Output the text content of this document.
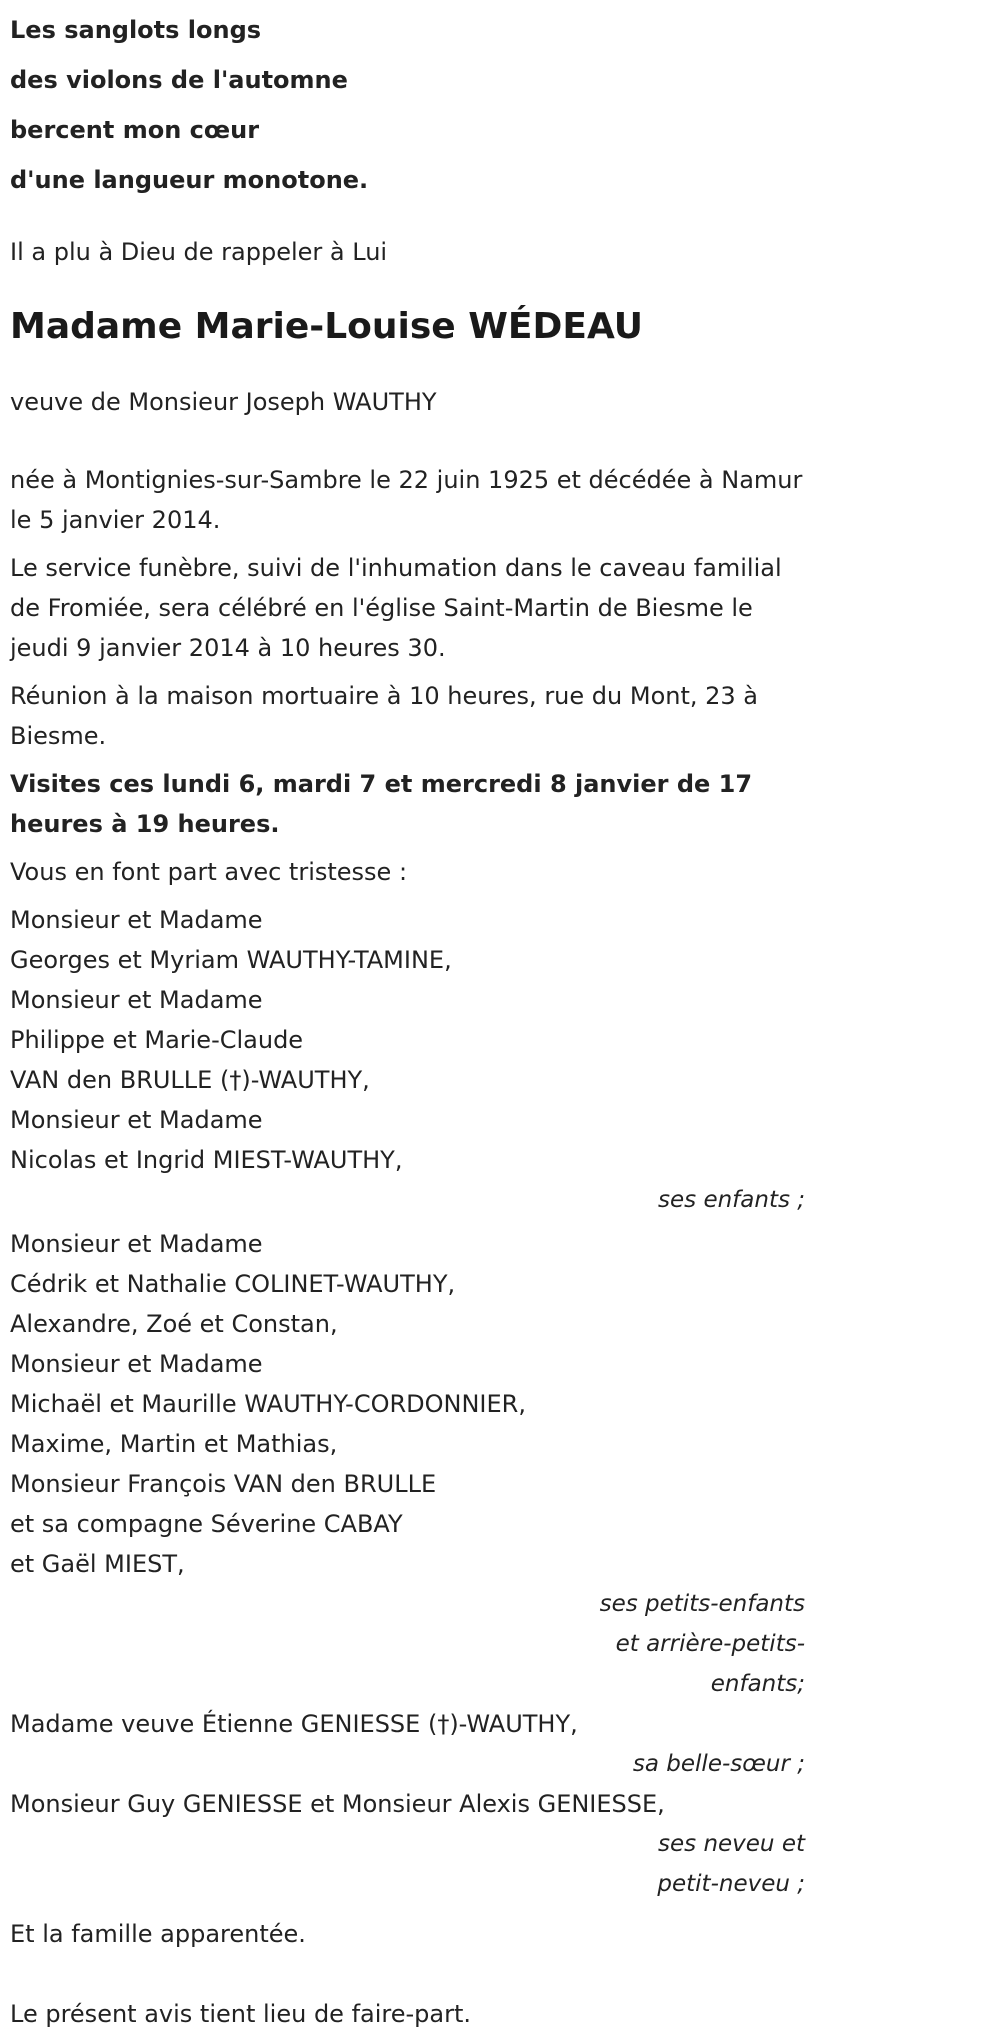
Les sanglots longs
des violons de l'automne
bercent mon cœur
d'une langueur monotone.
Il a plu à Dieu de rappeler à Lui
Madame Marie-Louise WÉDEAU
veuve de Monsieur Joseph WAUTHY
née à Montignies-sur-Sambre le 22 juin 1925 et décédée à Namur le 5 janvier 2014.
Le service funèbre, suivi de l'inhumation dans le caveau familial de Fromiée, sera célébré en l'église Saint-Martin de Biesme le jeudi 9 janvier 2014 à 10 heures 30.
Réunion à la maison mortuaire à 10 heures, rue du Mont, 23 à Biesme.
Visites ces lundi 6, mardi 7 et mercredi 8 janvier de 17 heures à 19 heures.
Vous en font part avec tristesse :
Monsieur et Madame
Georges et Myriam WAUTHY-TAMINE,
Monsieur et Madame
Philippe et Marie-Claude
VAN den BRULLE (†)-WAUTHY,
Monsieur et Madame
Nicolas et Ingrid MIEST-WAUTHY,
ses enfants ;
Monsieur et Madame
Cédrik et Nathalie COLINET-WAUTHY,
Alexandre, Zoé et Constan,
Monsieur et Madame
Michaël et Maurille WAUTHY-CORDONNIER,
Maxime, Martin et Mathias,
Monsieur François VAN den BRULLE
et sa compagne Séverine CABAY
et Gaël MIEST,
ses petits-enfants
et arrière-petits-
enfants;
Madame veuve Étienne GENIESSE (†)-WAUTHY,
sa belle-sœur ;
Monsieur Guy GENIESSE et Monsieur Alexis GENIESSE,
ses neveu et
petit-neveu ;
Et la famille apparentée.
Le présent avis tient lieu de faire-part.
